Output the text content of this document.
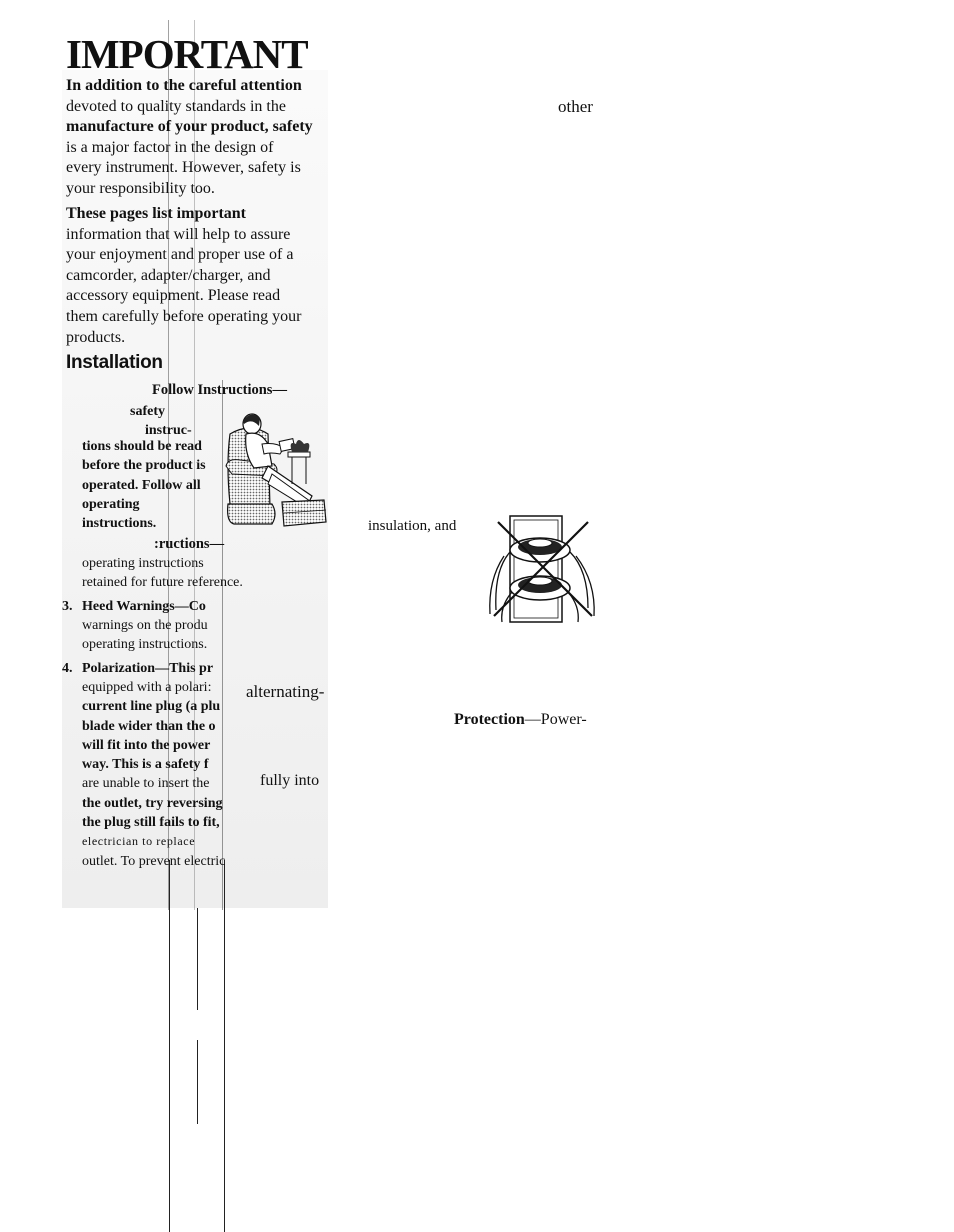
IMPORTANT
In addition to the careful attention
devoted to quality standards in the
manufacture of your product, safety
is a major factor in the design of
every instrument. However, safety is
your responsibility too.
These pages list important
information that will help to assure
your enjoyment and proper use of a
camcorder, adapter/charger, and
accessory equipment. Please read
them carefully before operating your
products.
Installation
Follow Instructions—
safety
instruc-
tions should be read
before the product is
operated. Follow all
operating
instructions.
:ructions—
operating instructions
retained for future reference.
3. Heed Warnings—Co
warnings on the produ
operating instructions.
4. Polarization—This pr
equipped with a polari:
current line plug (a plu
blade wider than the o
will fit into the power
way. This is a safety f
are unable to insert the
the outlet, try reversing
the plug still fails to fit,
electrician to replace
outlet. To prevent electric
other
insulation, and
alternating-
Protection—Power-
fully into
